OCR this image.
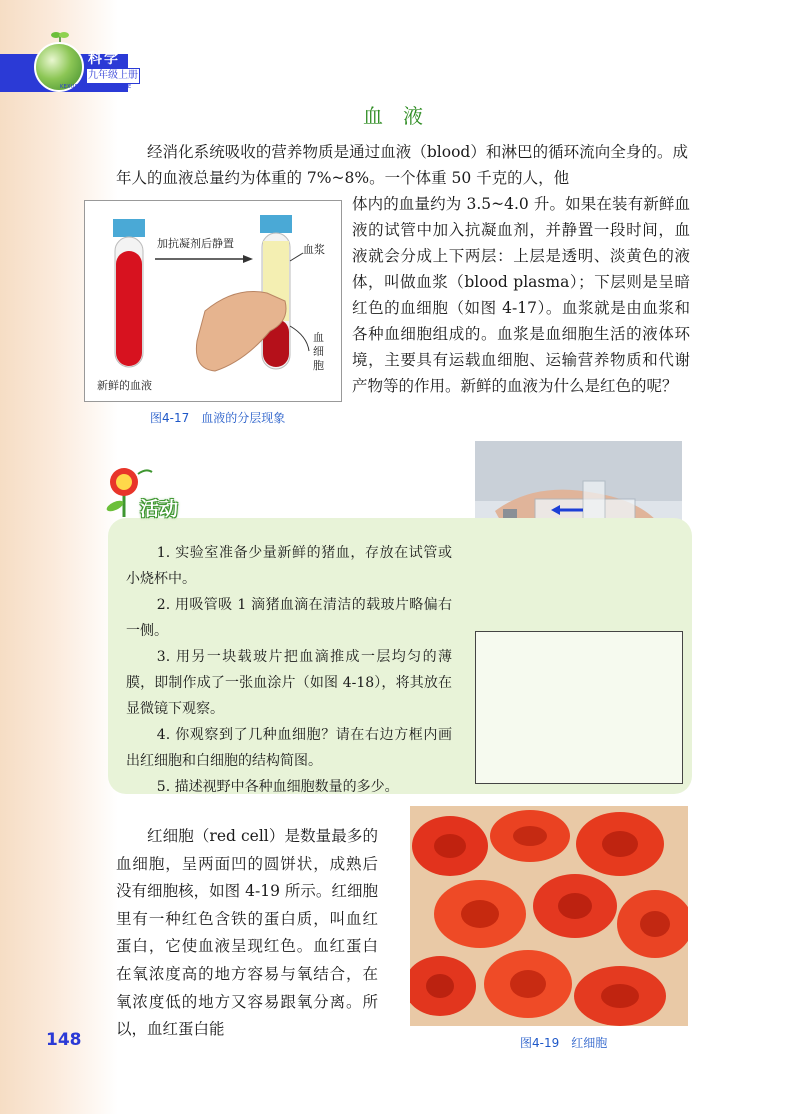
科学
九年级上册
KEXUE JIUNIANJISHANGCE
血液
经消化系统吸收的营养物质是通过血液（blood）和淋巴的循环流向全身的。成年人的血液总量约为体重的 7%~8%。一个体重 50 千克的人，他
体内的血量约为 3.5~4.0 升。如果在装有新鲜血液的试管中加入抗凝血剂，并静置一段时间，血液就会分成上下两层：上层是透明、淡黄色的液体，叫做血浆（blood plasma）；下层则是呈暗红色的血细胞（如图 4-17）。血浆就是由血浆和各种血细胞组成的。血浆是血细胞生活的液体环境，主要具有运载血细胞、运输营养物质和代谢产物等的作用。新鲜的血液为什么是红色的呢？
加抗凝剂后静置	血浆
血
细
胞
新鲜的血液
图4-17　血液的分层现象
活动
1. 实验室准备少量新鲜的猪血，存放在试管或小烧杯中。
2. 用吸管吸 1 滴猪血滴在清洁的载玻片略偏右一侧。
3. 用另一块载玻片把血滴推成一层均匀的薄膜，即制作成了一张血涂片（如图 4-18），将其放在显微镜下观察。
4. 你观察到了几种血细胞？请在右边方框内画出红细胞和白细胞的结构简图。
5. 描述视野中各种血细胞数量的多少。
红细胞（red cell）是数量最多的血细胞，呈两面凹的圆饼状，成熟后没有细胞核，如图 4-19 所示。红细胞里有一种红色含铁的蛋白质，叫血红蛋白，它使血液呈现红色。血红蛋白在氧浓度高的地方容易与氧结合，在氧浓度低的地方又容易跟氧分离。所以，血红蛋白能
图4-19　红细胞
148
